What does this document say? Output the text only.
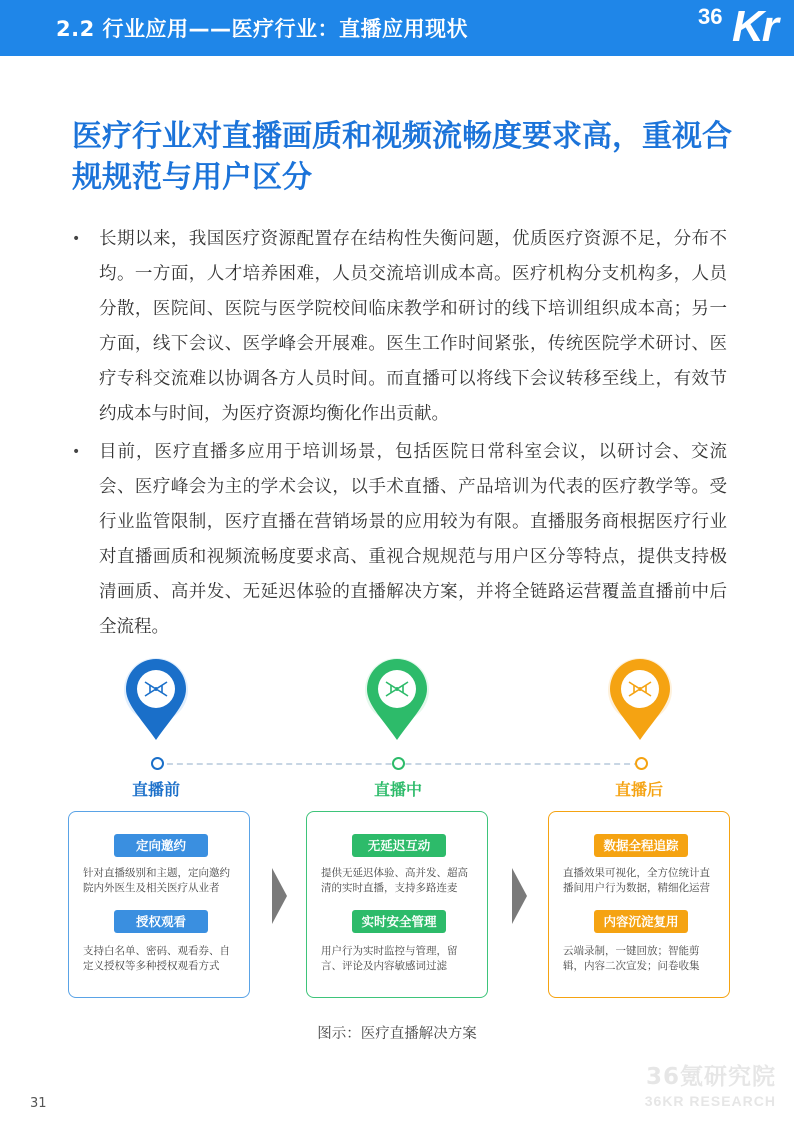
2.2 行业应用——医疗行业：直播应用现状	36 Kr
医疗行业对直播画质和视频流畅度要求高，重视合规规范与用户区分
• 长期以来，我国医疗资源配置存在结构性失衡问题，优质医疗资源不足，分布不均。一方面，人才培养困难，人员交流培训成本高。医疗机构分支机构多，人员分散，医院间、医院与医学院校间临床教学和研讨的线下培训组织成本高；另一方面，线下会议、医学峰会开展难。医生工作时间紧张，传统医院学术研讨、医疗专科交流难以协调各方人员时间。而直播可以将线下会议转移至线上，有效节约成本与时间，为医疗资源均衡化作出贡献。
• 目前，医疗直播多应用于培训场景，包括医院日常科室会议，以研讨会、交流会、医疗峰会为主的学术会议，以手术直播、产品培训为代表的医疗教学等。受行业监管限制，医疗直播在营销场景的应用较为有限。直播服务商根据医疗行业对直播画质和视频流畅度要求高、重视合规规范与用户区分等特点，提供支持极清画质、高并发、无延迟体验的直播解决方案，并将全链路运营覆盖直播前中后全流程。
直播前	直播中	直播后
定向邀约
针对直播级别和主题，定向邀约院内外医生及相关医疗从业者
授权观看
支持白名单、密码、观看券、自定义授权等多种授权观看方式
无延迟互动
提供无延迟体验、高并发、超高清的实时直播，支持多路连麦
实时安全管理
用户行为实时监控与管理，留言、评论及内容敏感词过滤
数据全程追踪
直播效果可视化，全方位统计直播间用户行为数据，精细化运营
内容沉淀复用
云端录制，一键回放；智能剪辑，内容二次宣发；问卷收集
图示：医疗直播解决方案
36氪研究院
36KR RESEARCH
31
